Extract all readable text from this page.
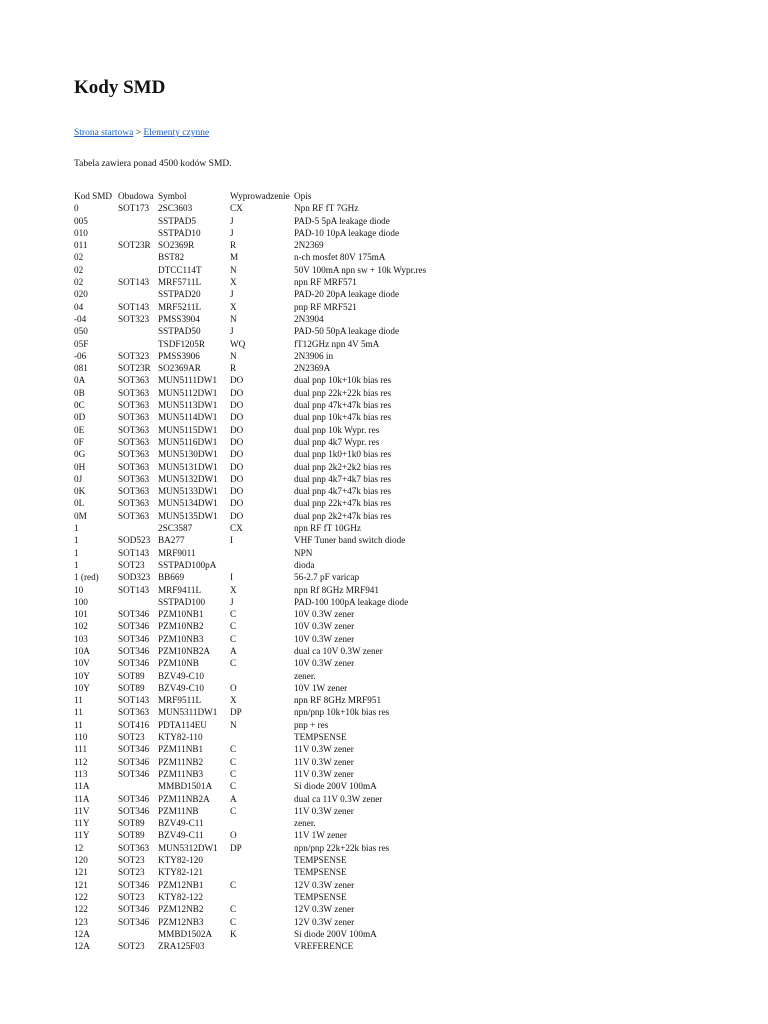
Kody SMD
Strona startowa > Elementy czynne
Tabela zawiera ponad 4500 kodów SMD.
Kod SMD	Obudowa	Symbol	Wyprowadzenie	Opis
0	SOT173	2SC3603	CX	Npn RF fT 7GHz
005		SSTPAD5	J	PAD-5 5pA leakage diode
010		SSTPAD10	J	PAD-10 10pA leakage diode
011	SOT23R	SO2369R	R	2N2369
02		BST82	M	n-ch mosfet 80V 175mA
02		DTCC114T	N	50V 100mA npn sw + 10k Wypr.res
02	SOT143	MRF5711L	X	npn RF MRF571
020		SSTPAD20	J	PAD-20 20pA leakage diode
04	SOT143	MRF5211L	X	pnp RF MRF521
-04	SOT323	PMSS3904	N	2N3904
050		SSTPAD50	J	PAD-50 50pA leakage diode
05F		TSDF1205R	WQ	fT12GHz npn 4V 5mA
-06	SOT323	PMSS3906	N	2N3906 in
081	SOT23R	SO2369AR	R	2N2369A
0A	SOT363	MUN5111DW1	DO	dual pnp 10k+10k bias res
0B	SOT363	MUN5112DW1	DO	dual pnp 22k+22k bias res
0C	SOT363	MUN5113DW1	DO	dual pnp 47k+47k bias res
0D	SOT363	MUN5114DW1	DO	dual pnp 10k+47k bias res
0E	SOT363	MUN5115DW1	DO	dual pnp 10k Wypr. res
0F	SOT363	MUN5116DW1	DO	dual pnp 4k7 Wypr. res
0G	SOT363	MUN5130DW1	DO	dual pnp 1k0+1k0 bias res
0H	SOT363	MUN5131DW1	DO	dual pnp 2k2+2k2 bias res
0J	SOT363	MUN5132DW1	DO	dual pnp 4k7+4k7 bias res
0K	SOT363	MUN5133DW1	DO	dual pnp 4k7+47k bias res
0L	SOT363	MUN5134DW1	DO	dual pnp 22k+47k bias res
0M	SOT363	MUN5135DW1	DO	dual pnp 2k2+47k bias res
1		2SC3587	CX	npn RF fT 10GHz
1	SOD523	BA277	I	VHF Tuner band switch diode
1	SOT143	MRF9011		NPN
1	SOT23	SSTPAD100pA		dioda
1 (red)	SOD323	BB669	I	56-2.7 pF varicap
10	SOT143	MRF9411L	X	npn Rf 8GHz MRF941
100		SSTPAD100	J	PAD-100 100pA leakage diode
101	SOT346	PZM10NB1	C	10V 0.3W zener
102	SOT346	PZM10NB2	C	10V 0.3W zener
103	SOT346	PZM10NB3	C	10V 0.3W zener
10A	SOT346	PZM10NB2A	A	dual ca 10V 0.3W zener
10V	SOT346	PZM10NB	C	10V 0.3W zener
10Y	SOT89	BZV49-C10		zener.
10Y	SOT89	BZV49-C10	O	10V 1W zener
11	SOT143	MRF9511L	X	npn RF 8GHz MRF951
11	SOT363	MUN5311DW1	DP	npn/pnp 10k+10k bias res
11	SOT416	PDTA114EU	N	pnp + res
110	SOT23	KTY82-110		TEMPSENSE
111	SOT346	PZM11NB1	C	11V 0.3W zener
112	SOT346	PZM11NB2	C	11V 0.3W zener
113	SOT346	PZM11NB3	C	11V 0.3W zener
11A		MMBD1501A	C	Si diode 200V 100mA
11A	SOT346	PZM11NB2A	A	dual ca 11V 0.3W zener
11V	SOT346	PZM11NB	C	11V 0.3W zener
11Y	SOT89	BZV49-C11		zener.
11Y	SOT89	BZV49-C11	O	11V 1W zener
12	SOT363	MUN5312DW1	DP	npn/pnp 22k+22k bias res
120	SOT23	KTY82-120		TEMPSENSE
121	SOT23	KTY82-121		TEMPSENSE
121	SOT346	PZM12NB1	C	12V 0.3W zener
122	SOT23	KTY82-122		TEMPSENSE
122	SOT346	PZM12NB2	C	12V 0.3W zener
123	SOT346	PZM12NB3	C	12V 0.3W zener
12A		MMBD1502A	K	Si diode 200V 100mA
12A	SOT23	ZRA125F03		VREFERENCE
